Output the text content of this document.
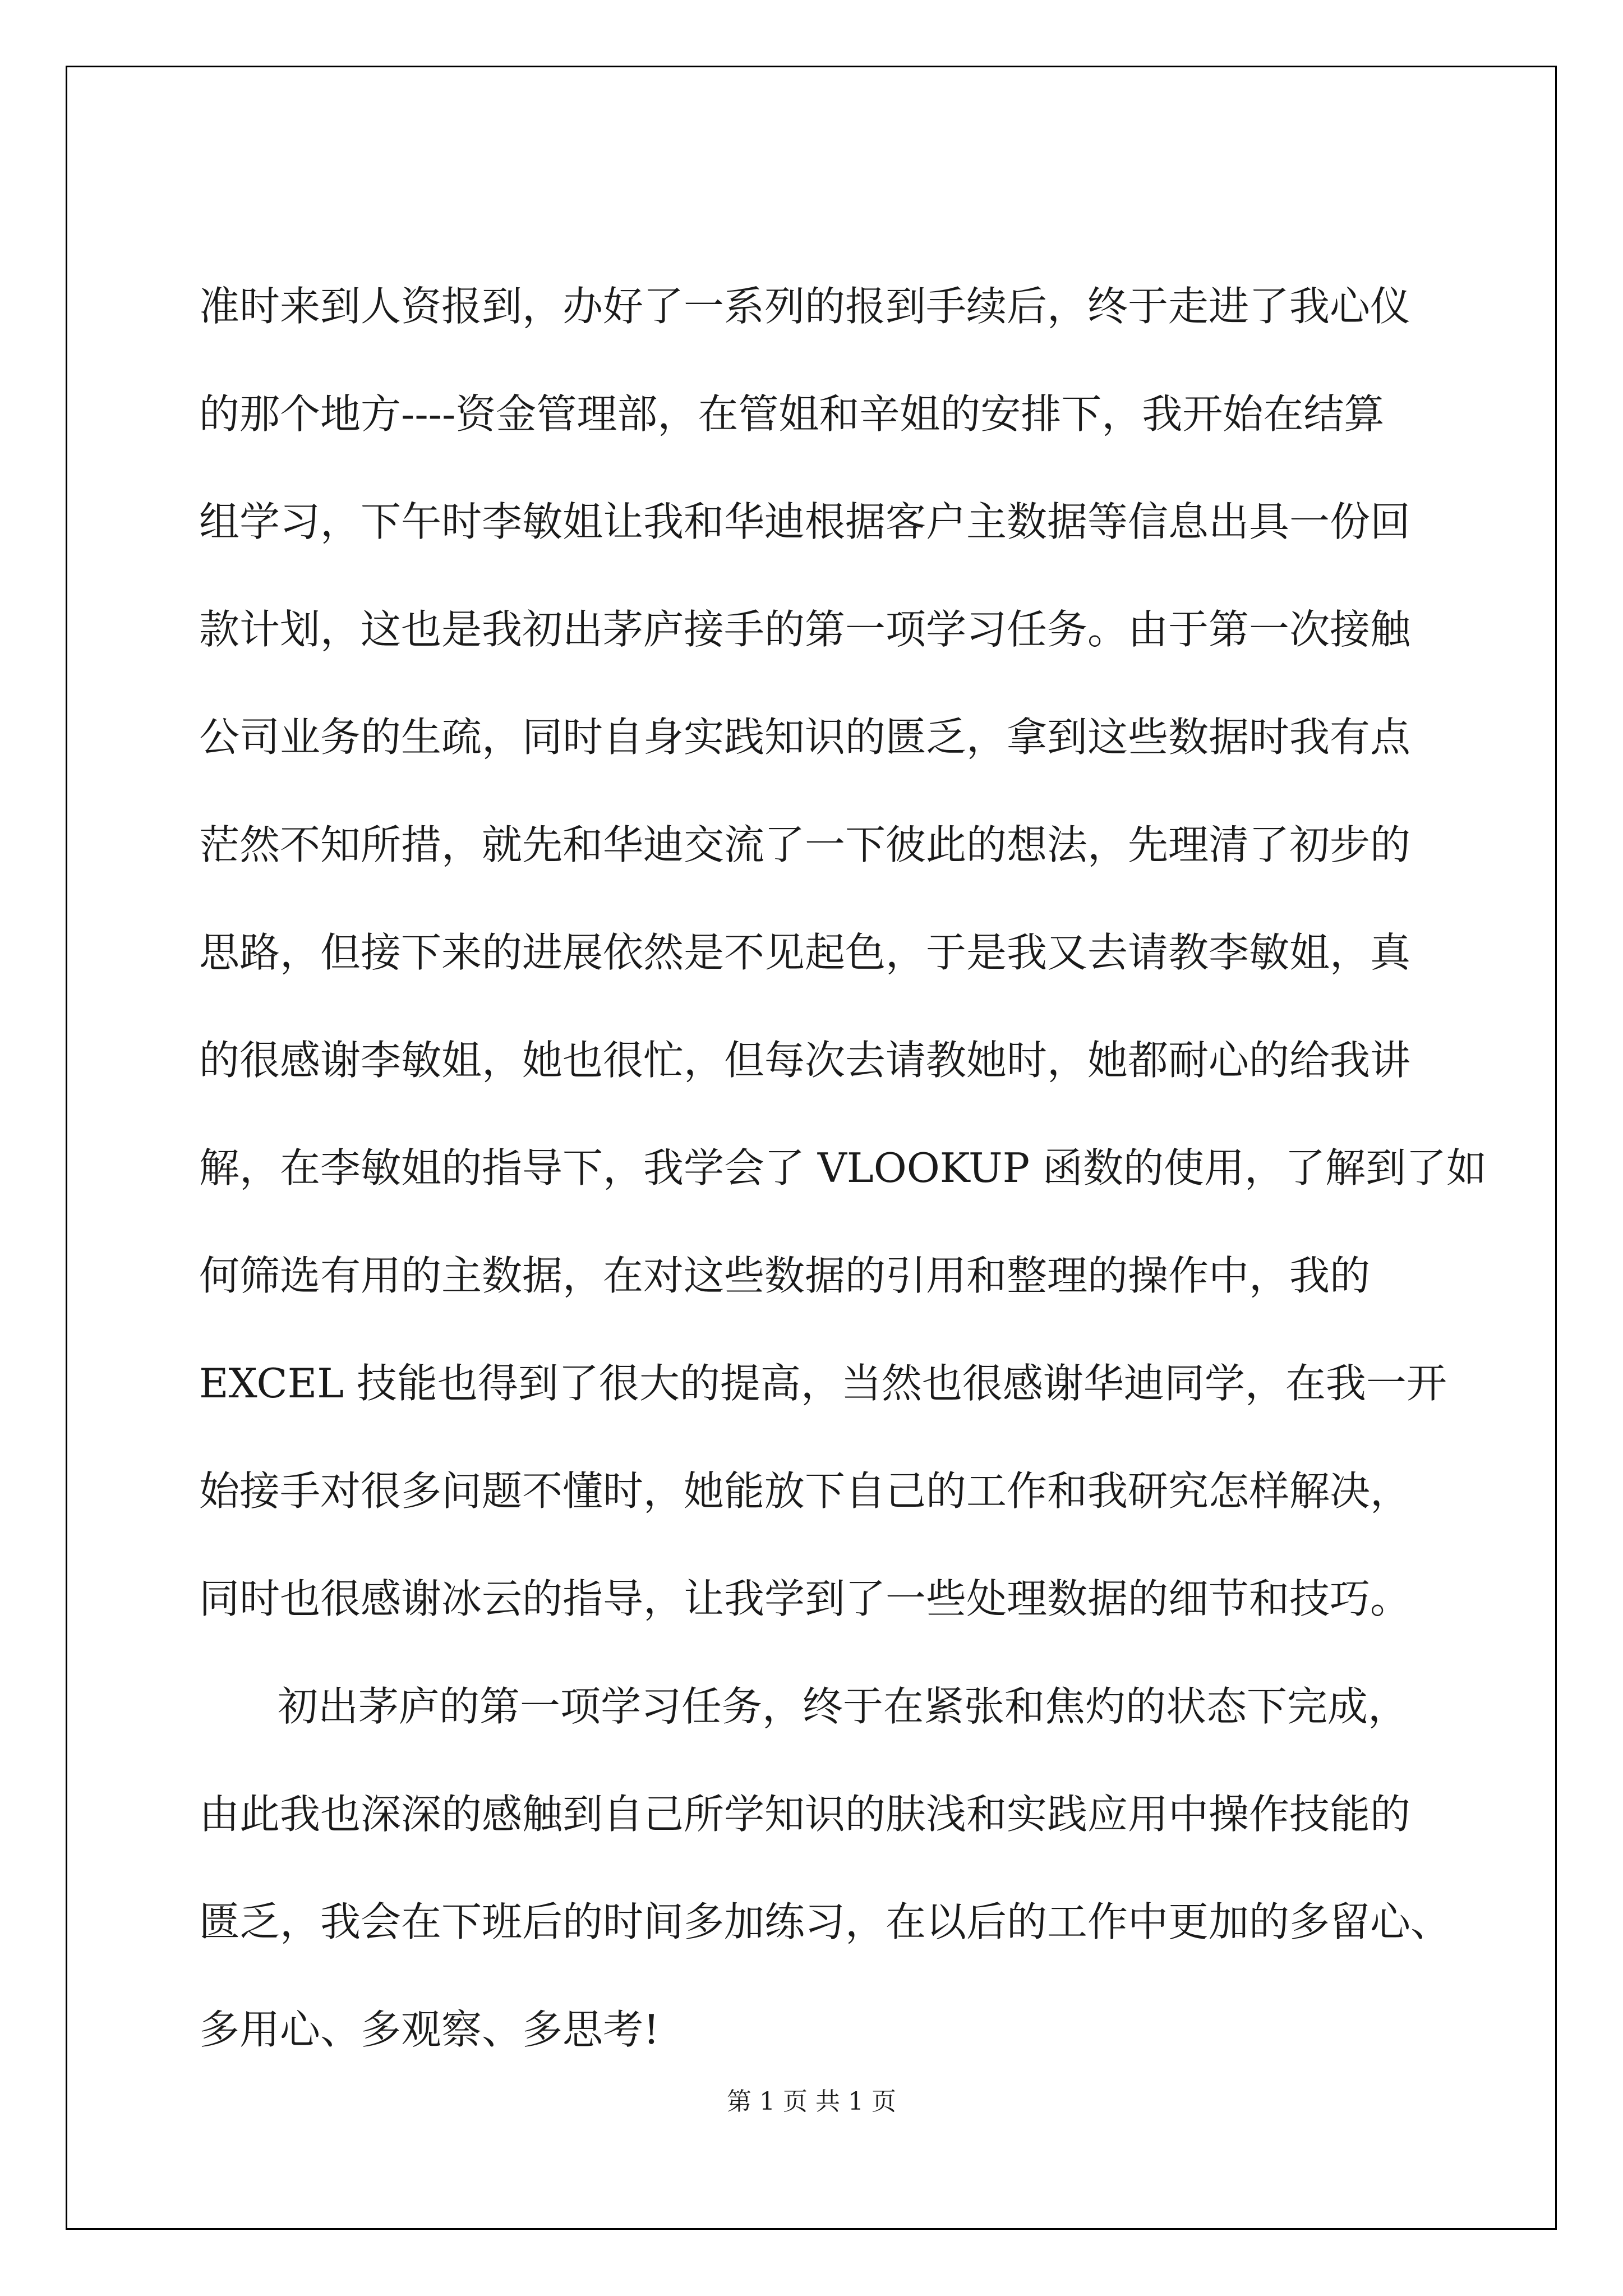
准时来到人资报到，办好了一系列的报到手续后，终于走进了我心仪
的那个地方----资金管理部，在管姐和辛姐的安排下，我开始在结算
组学习，下午时李敏姐让我和华迪根据客户主数据等信息出具一份回
款计划，这也是我初出茅庐接手的第一项学习任务。由于第一次接触
公司业务的生疏，同时自身实践知识的匮乏，拿到这些数据时我有点
茫然不知所措，就先和华迪交流了一下彼此的想法，先理清了初步的
思路，但接下来的进展依然是不见起色，于是我又去请教李敏姐，真
的很感谢李敏姐，她也很忙，但每次去请教她时，她都耐心的给我讲
解，在李敏姐的指导下，我学会了 VLOOKUP 函数的使用，了解到了如
何筛选有用的主数据，在对这些数据的引用和整理的操作中，我的
EXCEL 技能也得到了很大的提高，当然也很感谢华迪同学，在我一开
始接手对很多问题不懂时，她能放下自己的工作和我研究怎样解决，
同时也很感谢冰云的指导，让我学到了一些处理数据的细节和技巧。
初出茅庐的第一项学习任务，终于在紧张和焦灼的状态下完成，
由此我也深深的感触到自己所学知识的肤浅和实践应用中操作技能的
匮乏，我会在下班后的时间多加练习，在以后的工作中更加的多留心、
多用心、多观察、多思考!
第 1 页 共 1 页
